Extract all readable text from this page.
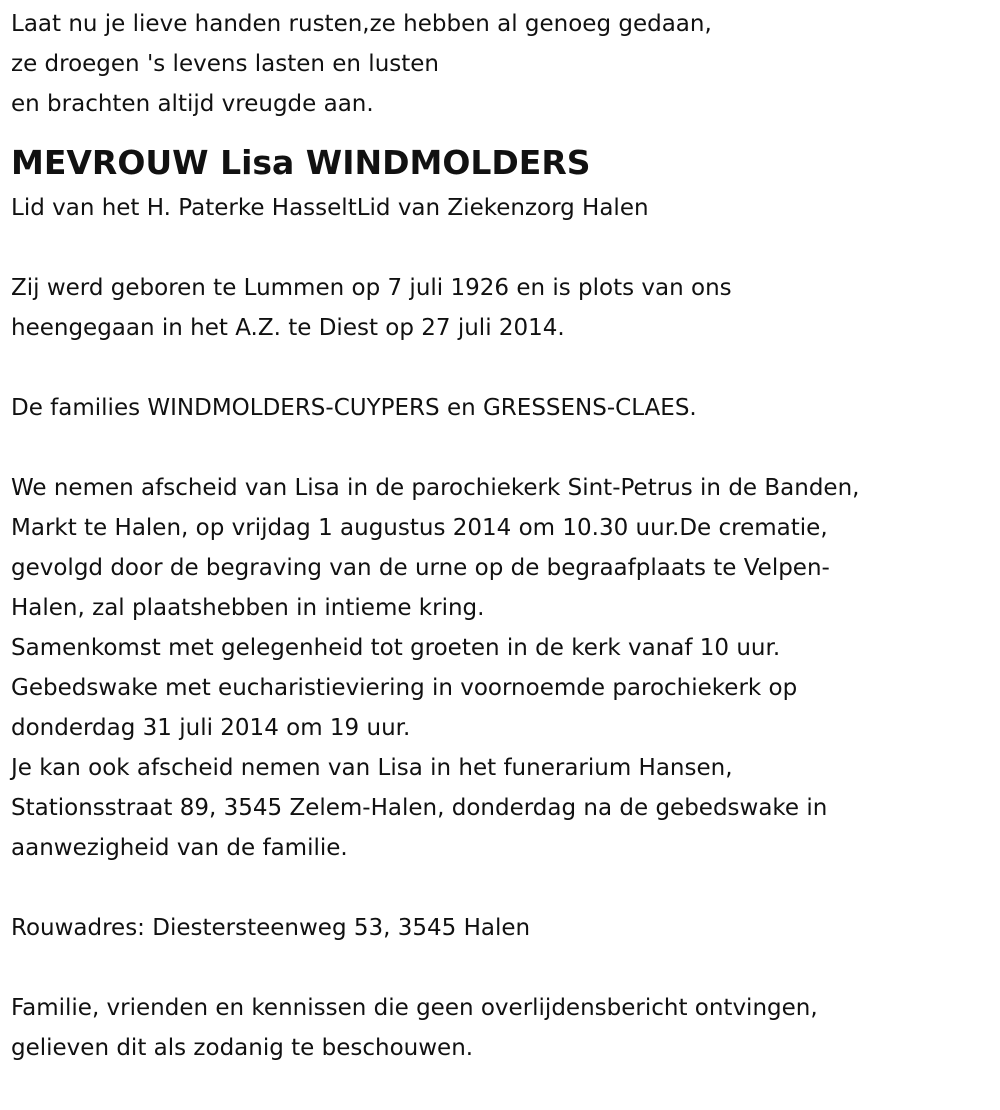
Laat nu je lieve handen rusten,ze hebben al genoeg gedaan,
ze droegen 's levens lasten en lusten
en brachten altijd vreugde aan.
MEVROUW Lisa WINDMOLDERS
Lid van het H. Paterke HasseltLid van Ziekenzorg Halen
Zij werd geboren te Lummen op 7 juli 1926 en is plots van ons
heengegaan in het A.Z. te Diest op 27 juli 2014.
De families WINDMOLDERS-CUYPERS en GRESSENS-CLAES.
We nemen afscheid van Lisa in de parochiekerk Sint-Petrus in de Banden,
Markt te Halen, op vrijdag 1 augustus 2014 om 10.30 uur.De crematie,
gevolgd door de begraving van de urne op de begraafplaats te Velpen-
Halen, zal plaatshebben in intieme kring.
Samenkomst met gelegenheid tot groeten in de kerk vanaf 10 uur.
Gebedswake met eucharistieviering in voornoemde parochiekerk op
donderdag 31 juli 2014 om 19 uur.
Je kan ook afscheid nemen van Lisa in het funerarium Hansen,
Stationsstraat 89, 3545 Zelem-Halen, donderdag na de gebedswake in
aanwezigheid van de familie.
Rouwadres: Diestersteenweg 53, 3545 Halen
Familie, vrienden en kennissen die geen overlijdensbericht ontvingen,
gelieven dit als zodanig te beschouwen.
